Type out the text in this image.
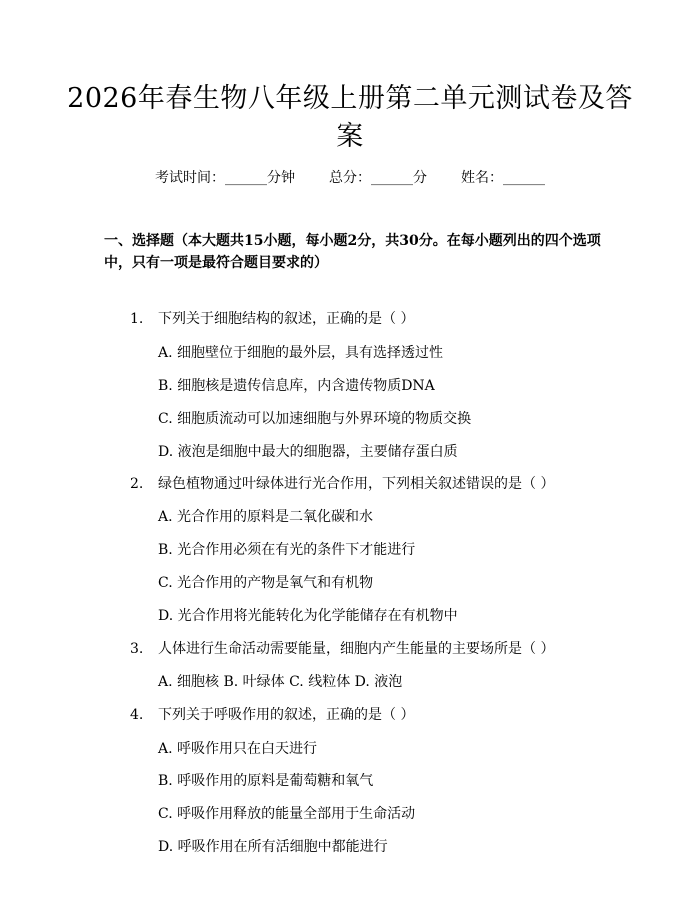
2026年春生物八年级上册第二单元测试卷及答案
考试时间：______分钟 总分：______分 姓名：______
一、选择题（本大题共15小题，每小题2分，共30分。在每小题列出的四个选项中，只有一项是最符合题目要求的）
1. 下列关于细胞结构的叙述，正确的是（ ）
A. 细胞壁位于细胞的最外层，具有选择透过性
B. 细胞核是遗传信息库，内含遗传物质DNA
C. 细胞质流动可以加速细胞与外界环境的物质交换
D. 液泡是细胞中最大的细胞器，主要储存蛋白质
2. 绿色植物通过叶绿体进行光合作用，下列相关叙述错误的是（ ）
A. 光合作用的原料是二氧化碳和水
B. 光合作用必须在有光的条件下才能进行
C. 光合作用的产物是氧气和有机物
D. 光合作用将光能转化为化学能储存在有机物中
3. 人体进行生命活动需要能量，细胞内产生能量的主要场所是（ ）
A. 细胞核 B. 叶绿体 C. 线粒体 D. 液泡
4. 下列关于呼吸作用的叙述，正确的是（ ）
A. 呼吸作用只在白天进行
B. 呼吸作用的原料是葡萄糖和氧气
C. 呼吸作用释放的能量全部用于生命活动
D. 呼吸作用在所有活细胞中都能进行
